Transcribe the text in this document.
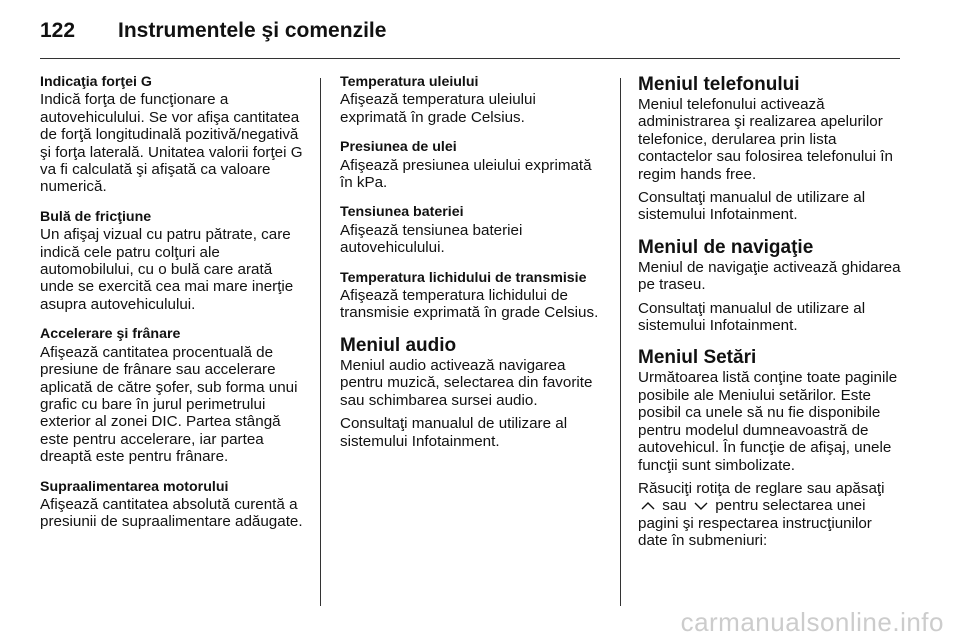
122 Instrumentele şi comenzile
Indicaţia forţei G

Indică forţa de funcţionare a autovehiculului. Se vor afişa cantitatea de forţă longitudinală pozitivă/negativă şi forţa laterală. Unitatea valorii forţei G va fi calculată şi afişată ca valoare numerică.

Bulă de fricţiune

Un afişaj vizual cu patru pătrate, care indică cele patru colţuri ale automobilului, cu o bulă care arată unde se exercită cea mai mare inerţie asupra autovehiculului.

Accelerare şi frânare

Afişează cantitatea procentuală de presiune de frânare sau accelerare aplicată de către şofer, sub forma unui grafic cu bare în jurul perimetrului exterior al zonei DIC. Partea stângă este pentru accelerare, iar partea dreaptă este pentru frânare.

Supraalimentarea motorului

Afişează cantitatea absolută curentă a presiunii de supraalimentare adăugate.

Temperatura uleiului

Afişează temperatura uleiului exprimată în grade Celsius.

Presiunea de ulei

Afişează presiunea uleiului exprimată în kPa.

Tensiunea bateriei

Afişează tensiunea bateriei autovehiculului.

Temperatura lichidului de transmisie

Afişează temperatura lichidului de transmisie exprimată în grade Celsius.

Meniul audio

Meniul audio activează navigarea pentru muzică, selectarea din favorite sau schimbarea sursei audio.

Consultaţi manualul de utilizare al sistemului Infotainment.

Meniul telefonului

Meniul telefonului activează administrarea şi realizarea apelurilor telefonice, derularea prin lista contactelor sau folosirea telefonului în regim hands free.

Consultaţi manualul de utilizare al sistemului Infotainment.

Meniul de navigaţie

Meniul de navigaţie activează ghidarea pe traseu.

Consultaţi manualul de utilizare al sistemului Infotainment.

Meniul Setări

Următoarea listă conţine toate paginile posibile ale Meniului setărilor. Este posibil ca unele să nu fie disponibile pentru modelul dumneavoastră de autovehicul. În funcţie de afişaj, unele funcţii sunt simbolizate.

Răsuciţi rotiţa de reglare sau apăsaţi  sau pentru selectarea unei pagini şi respectarea instrucţiunilor date în submeniuri:

carmanualsonline.info
